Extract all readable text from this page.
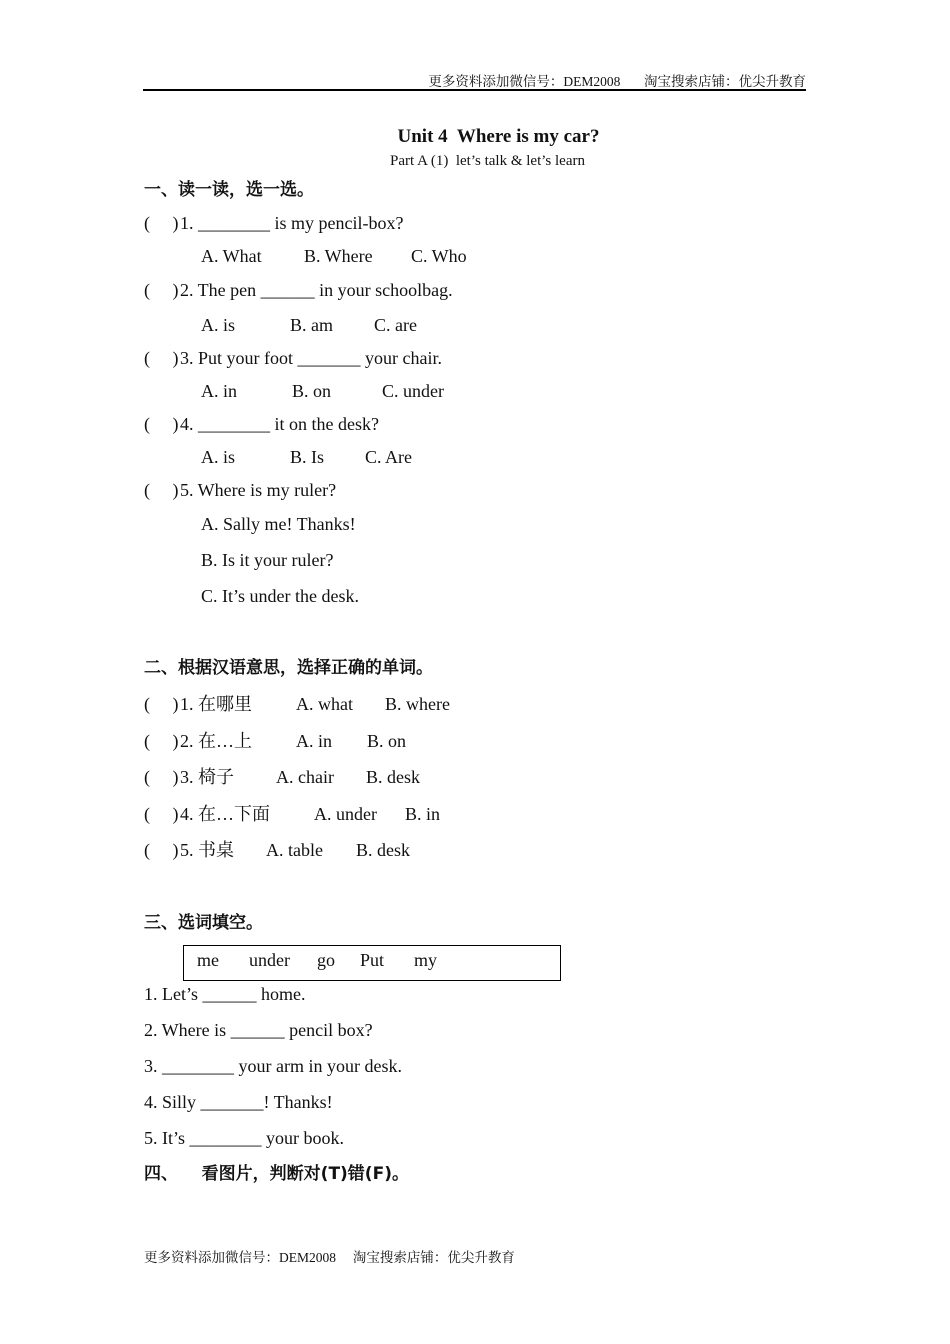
更多资料添加微信号：DEM2008       淘宝搜索店铺：优尖升教育
Unit 4  Where is my car?
Part A (1)  let’s talk & let’s learn
一、读一读，选一选。
(     ) 1. ________ is my pencil-box?
A. What B. Where C. Who
(     ) 2. The pen ______ in your schoolbag.
A. is	B. am C. are
(     ) 3. Put your foot _______ your chair.
A. in	B. on	C. under
(     ) 4. ________ it on the desk?
A. is	B. Is C. Are
(     ) 5. Where is my ruler?
A. Sally me! Thanks!
B. Is it your ruler?
C. It’s under the desk.
二、根据汉语意思，选择正确的单词。
(     ) 1. 在哪里 A. what B. where
(     ) 2. 在…上 A. in B. on
(     ) 3. 椅子 A. chair B. desk
(     ) 4. 在…下面 A. under B. in
(     ) 5. 书桌 A. table B. desk
三、选词填空。
me under go Put my
1. Let’s ______ home.
2. Where is ______ pencil box?
3. ________ your arm in your desk.
4. Silly _______! Thanks!
5. It’s ________ your book.
四、    看图片，判断对(T)错(F)。
更多资料添加微信号：DEM2008     淘宝搜索店铺：优尖升教育
